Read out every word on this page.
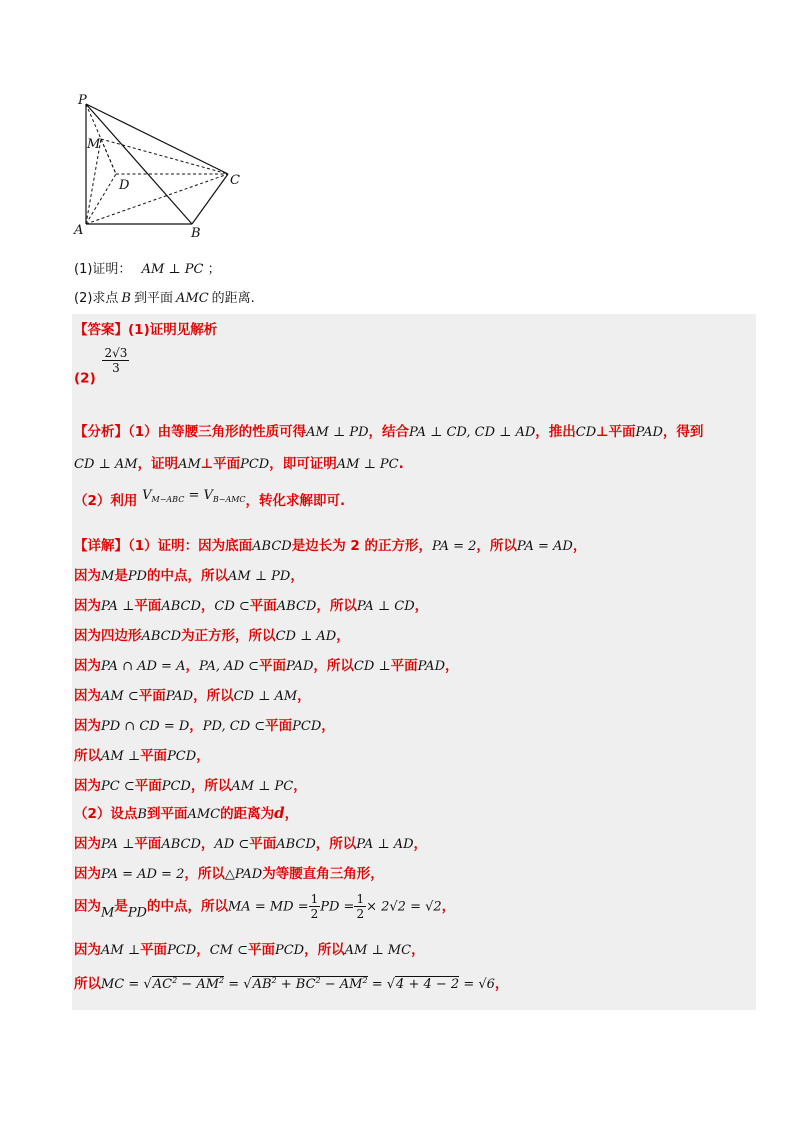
P
M
D	C
A	B
(1)证明： AM ⊥ PC ；
(2)求点 B 到平面 AMC 的距离.
【答案】(1)证明见解析
(2)
$\frac{2√3}{3}$
【分析】（1）由等腰三角形的性质可得AM ⊥ PD，结合PA ⊥ CD, CD ⊥ AD，推出CD⊥平面PAD，得到
CD ⊥ AM，证明AM⊥平面PCD，即可证明AM ⊥ PC.
（2）利用 $V_{M-ABC} = V_{B-AMC}$，转化求解即可.
【详解】（1）证明：因为底面ABCD是边长为 2 的正方形，PA = 2，所以PA = AD，
因为M是PD的中点，所以AM ⊥ PD，
因为PA ⊥平面ABCD，CD ⊂平面ABCD，所以PA ⊥ CD，
因为四边形ABCD为正方形，所以CD ⊥ AD，
因为PA ∩ AD = A，PA, AD ⊂平面PAD，所以CD ⊥平面PAD，
因为AM ⊂平面PAD，所以CD ⊥ AM，
因为PD ∩ CD = D，PD, CD ⊂平面PCD，
所以AM ⊥平面PCD，
因为PC ⊂平面PCD，所以AM ⊥ PC，
（2）设点B到平面AMC的距离为d，
因为PA ⊥平面ABCD，AD ⊂平面ABCD，所以PA ⊥ AD，
因为PA = AD = 2，所以△PAD为等腰直角三角形，
因为M是PD的中点，所以MA = MD = $\frac{1}{2}$ PD = $\frac{1}{2} \times 2√2 = √2$，
因为AM ⊥平面PCD，CM ⊂平面PCD，所以AM ⊥ MC，
所以MC = $√AC^2 - AM^2 = √AB^2 + BC^2 - AM^2 = √4 + 4 - 2 = √6$，
